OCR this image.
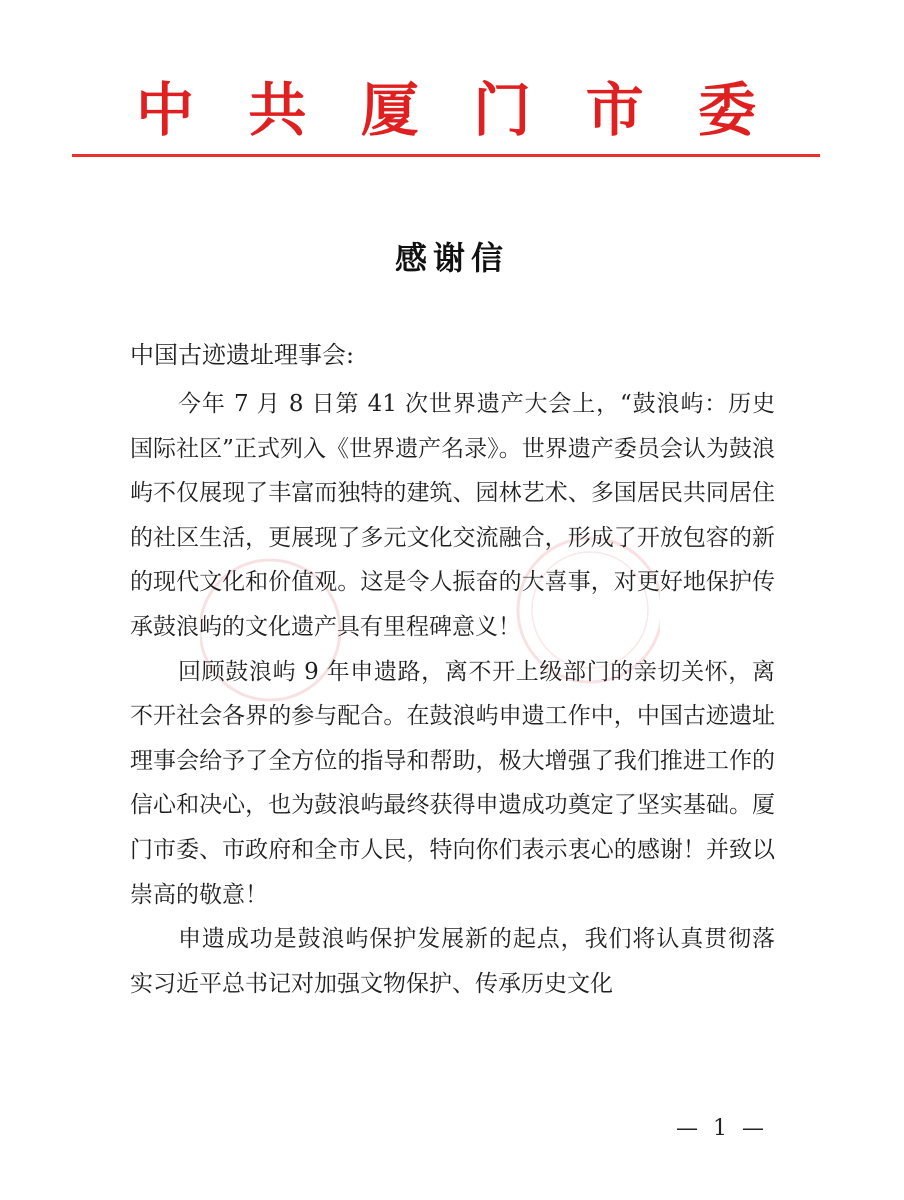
中 共 厦 门 市 委
感谢信
中国古迹遗址理事会:

今年 7 月 8 日第 41 次世界遗产大会上，“鼓浪屿：历史国际社区”正式列入《世界遗产名录》。世界遗产委员会认为鼓浪屿不仅展现了丰富而独特的建筑、园林艺术、多国居民共同居住的社区生活，更展现了多元文化交流融合，形成了开放包容的新的现代文化和价值观。这是令人振奋的大喜事，对更好地保护传承鼓浪屿的文化遗产具有里程碑意义！

回顾鼓浪屿 9 年申遗路，离不开上级部门的亲切关怀，离不开社会各界的参与配合。在鼓浪屿申遗工作中，中国古迹遗址理事会给予了全方位的指导和帮助，极大增强了我们推进工作的信心和决心，也为鼓浪屿最终获得申遗成功奠定了坚实基础。厦门市委、市政府和全市人民，特向你们表示衷心的感谢！并致以崇高的敬意！

申遗成功是鼓浪屿保护发展新的起点，我们将认真贯彻落实习近平总书记对加强文物保护、传承历史文化

— 1 —
